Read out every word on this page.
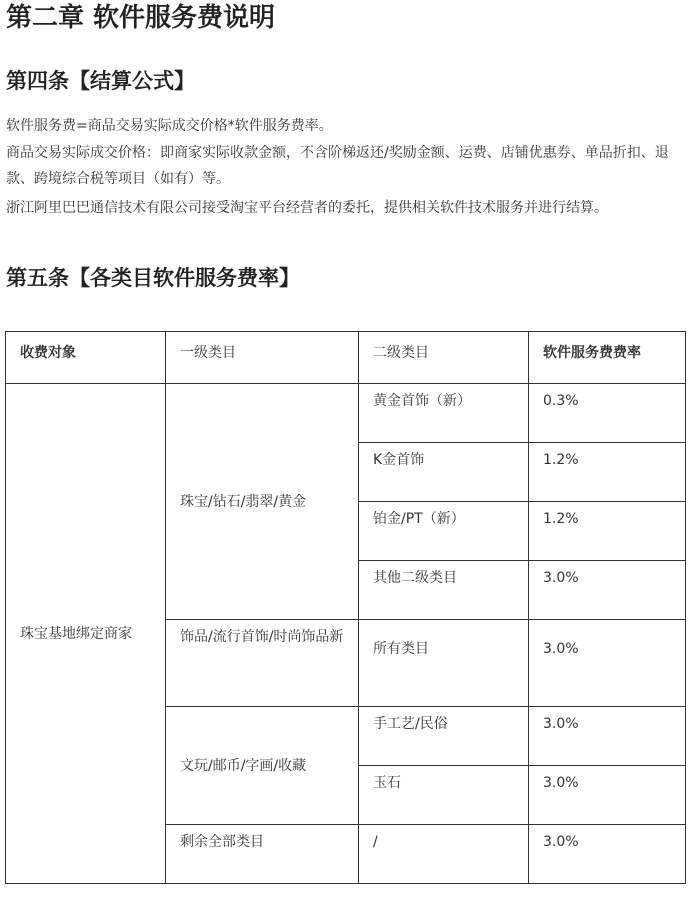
第二章 软件服务费说明
第四条【结算公式】

软件服务费=商品交易实际成交价格*软件服务费率。

商品交易实际成交价格：即商家实际收款金额，不含阶梯返还/奖励金额、运费、店铺优惠券、单品折扣、退款、跨境综合税等项目（如有）等。

浙江阿里巴巴通信技术有限公司接受淘宝平台经营者的委托，提供相关软件技术服务并进行结算。

第五条【各类目软件服务费率】
收费对象	一级类目	二级类目	软件服务费费率
珠宝基地绑定商家	珠宝/钻石/翡翠/黄金	黄金首饰（新）	0.3%
		K金首饰	1.2%
		铂金/PT（新）	1.2%
		其他二级类目	3.0%
	饰品/流行首饰/时尚饰品新	所有类目	3.0%
	文玩/邮币/字画/收藏	手工艺/民俗	3.0%
		玉石	3.0%
	剩余全部类目	/	3.0%
